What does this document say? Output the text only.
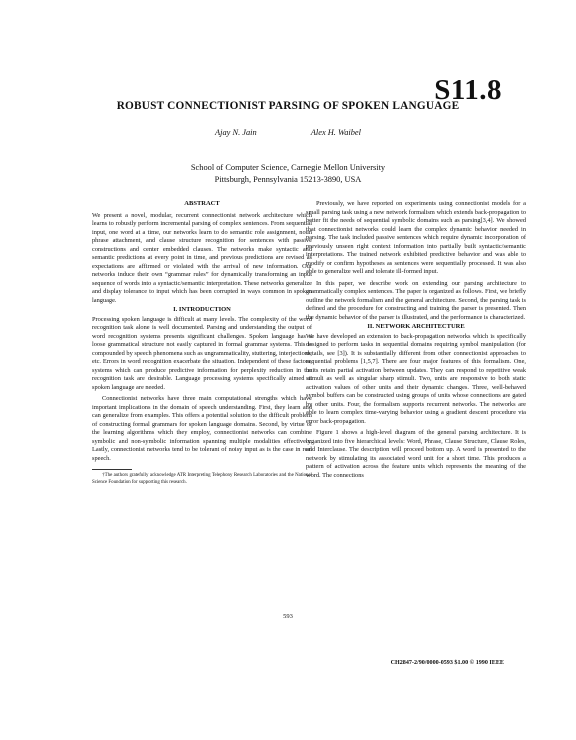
S11.8
ROBUST CONNECTIONIST PARSING OF SPOKEN LANGUAGE
Ajay N. Jain	Alex H. Waibel
School of Computer Science, Carnegie Mellon University
Pittsburgh, Pennsylvania 15213-3890, USA
ABSTRACT

We present a novel, modular, recurrent connectionist network architecture which learns to robustly perform incremental parsing of complex sentences. From sequential input, one word at a time, our networks learn to do semantic role assignment, noun phrase attachment, and clause structure recognition for sentences with passive constructions and center embedded clauses. The networks make syntactic and semantic predictions at every point in time, and previous predictions are revised as expectations are affirmed or violated with the arrival of new information. Our networks induce their own “grammar rules” for dynamically transforming an input sequence of words into a syntactic/semantic interpretation. These networks generalize and display tolerance to input which has been corrupted in ways common in spoken language.

I. INTRODUCTION

Processing spoken language is difficult at many levels. The complexity of the word recognition task alone is well documented. Parsing and understanding the output of word recognition systems presents significant challenges. Spoken language has a loose grammatical structure not easily captured in formal grammar systems. This is compounded by speech phenomena such as ungrammaticality, stuttering, interjections, etc. Errors in word recognition exacerbate the situation. Independent of these factors, systems which can produce predictive information for perplexity reduction in the recognition task are desirable. Language processing systems specifically aimed at spoken language are needed.

Connectionist networks have three main computational strengths which have important implications in the domain of speech understanding. First, they learn and can generalize from examples. This offers a potential solution to the difficult problem of constructing formal grammars for spoken language domains. Second, by virtue of the learning algorithms which they employ, connectionist networks can combine symbolic and non-symbolic information spanning multiple modalities effectively. Lastly, connectionist networks tend to be tolerant of noisy input as is the case in real speech.

†The authors gratefully acknowledge ATR Interpreting Telephony Research Laboratories and the National Science Foundation for supporting this research.

Previously, we have reported on experiments using connectionist models for a small parsing task using a new network formalism which extends back-propagation to better fit the needs of sequential symbolic domains such as parsing[3,4]. We showed that connectionist networks could learn the complex dynamic behavior needed in parsing. The task included passive sentences which require dynamic incorporation of previously unseen right context information into partially built syntactic/semantic interpretations. The trained network exhibited predictive behavior and was able to modify or confirm hypotheses as sentences were sequentially processed. It was also able to generalize well and tolerate ill-formed input.

In this paper, we describe work on extending our parsing architecture to grammatically complex sentences. The paper is organized as follows. First, we briefly outline the network formalism and the general architecture. Second, the parsing task is defined and the procedure for constructing and training the parser is presented. Then the dynamic behavior of the parser is illustrated, and the performance is characterized.

II. NETWORK ARCHITECTURE

We have developed an extension to back-propagation networks which is specifically designed to perform tasks in sequential domains requiring symbol manipulation (for details, see [3]). It is substantially different from other connectionist approaches to sequential problems [1,5,7]. There are four major features of this formalism. One, units retain partial activation between updates. They can respond to repetitive weak stimuli as well as singular sharp stimuli. Two, units are responsive to both static activation values of other units and their dynamic changes. Three, well-behaved symbol buffers can be constructed using groups of units whose connections are gated by other units. Four, the formalism supports recurrent networks. The networks are able to learn complex time-varying behavior using a gradient descent procedure via error back-propagation.

Figure 1 shows a high-level diagram of the general parsing architecture. It is organized into five hierarchical levels: Word, Phrase, Clause Structure, Clause Roles, and Interclause. The description will proceed bottom up. A word is presented to the network by stimulating its associated word unit for a short time. This produces a pattern of activation across the feature units which represents the meaning of the word. The connections

593
CH2847-2/90/0000-0593 $1.00 © 1990 IEEE
